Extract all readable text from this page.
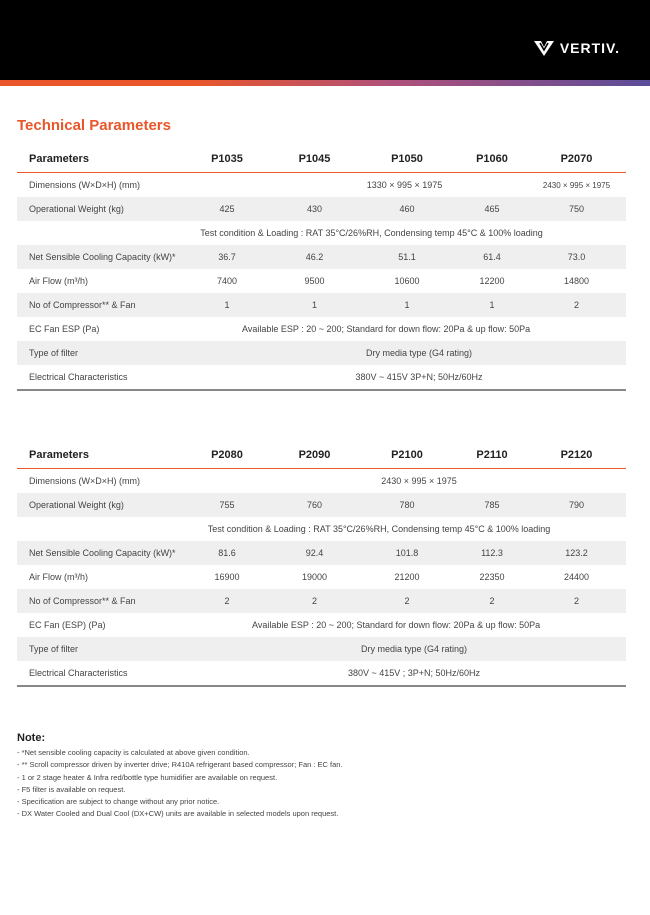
VERTIV.
Technical Parameters
Parameters	P1035	P1045	P1050	P1060	P2070
Dimensions (W×D×H) (mm)	1330 × 995 × 1975				2430 × 995 × 1975
Operational Weight (kg)	425	430	460	465	750
Test condition & Loading : RAT 35°C/26%RH, Condensing temp 45°C & 100% loading					
Net Sensible Cooling Capacity (kW)*	36.7	46.2	51.1	61.4	73.0
Air Flow (m³/h)	7400	9500	10600	12200	14800
No of Compressor** & Fan	1	1	1	1	2
EC Fan ESP (Pa)	Available ESP : 20 ~ 200; Standard for down flow: 20Pa & up flow: 50Pa				
Type of filter	Dry media type (G4 rating)				
Electrical Characteristics	380V ~ 415V 3P+N; 50Hz/60Hz				
Parameters	P2080	P2090	P2100	P2110	P2120
Dimensions (W×D×H) (mm)	2430 × 995 × 1975				
Operational Weight (kg)	755	760	780	785	790
Test condition & Loading : RAT 35°C/26%RH, Condensing temp 45°C & 100% loading					
Net Sensible Cooling Capacity (kW)*	81.6	92.4	101.8	112.3	123.2
Air Flow (m³/h)	16900	19000	21200	22350	24400
No of Compressor** & Fan	2	2	2	2	2
EC Fan (ESP) (Pa)	Available ESP : 20 ~ 200; Standard for down flow: 20Pa & up flow: 50Pa				
Type of filter	Dry media type (G4 rating)				
Electrical Characteristics	380V ~ 415V ; 3P+N; 50Hz/60Hz				
Note:
- *Net sensible cooling capacity is calculated at above given condition.
- ** Scroll compressor driven by inverter drive; R410A refrigerant based compressor; Fan : EC fan.
- 1 or 2 stage heater & Infra red/bottle type humidifier are available on request.
- F5 filter is available on request.
- Specification are subject to change without any prior notice.
- DX Water Cooled and Dual Cool (DX+CW) units are available in selected models upon request.
